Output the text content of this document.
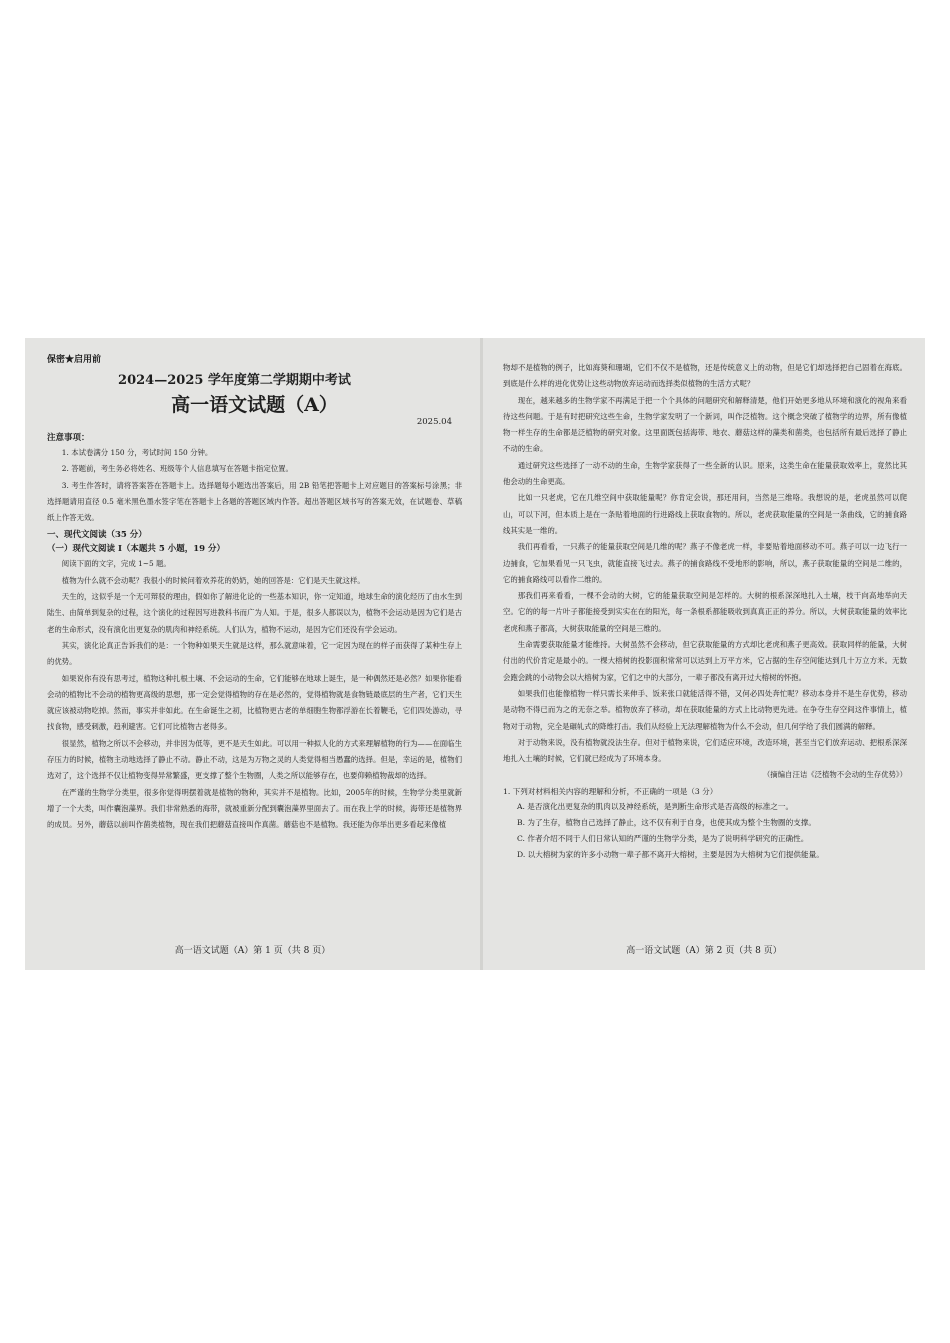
保密★启用前
2024—2025 学年度第二学期期中考试
高一语文试题（A）
2025.04
注意事项：

1. 本试卷满分 150 分，考试时间 150 分钟。

2. 答题前，考生务必将姓名、班级等个人信息填写在答题卡指定位置。

3. 考生作答时，请将答案答在答题卡上。选择题每小题选出答案后，用 2B 铅笔把答题卡上对应题目的答案标号涂黑；非选择题请用直径 0.5 毫米黑色墨水签字笔在答题卡上各题的答题区域内作答。超出答题区域书写的答案无效，在试题卷、草稿纸上作答无效。

一、现代文阅读（35 分）
（一）现代文阅读 I（本题共 5 小题，19 分）

阅读下面的文字，完成 1~5 题。

植物为什么就不会动呢？我很小的时候问着欢养花的奶奶，她的回答是：它们是天生就这样。

天生的，这似乎是一个无可辩驳的理由，假如你了解进化论的一些基本知识，你一定知道，地球生命的演化经历了由水生到陆生、由简单到复杂的过程，这个演化的过程因写进教科书而广为人知。于是，很多人都误以为，植物不会运动是因为它们是古老的生命形式，没有演化出更复杂的肌肉和神经系统。人们认为，植物不运动，是因为它们还没有学会运动。

其实，演化论真正告诉我们的是：一个物种如果天生就是这样，那么就意味着，它一定因为现在的样子而获得了某种生存上的优势。

如果说你有没有思考过，植物这种扎根土壤、不会运动的生命，它们能够在地球上诞生，是一种偶然还是必然？如果你能看会动的植物比不会动的植物更高级的思想，那一定会觉得植物的存在是必然的，觉得植物就是食物链最底层的生产者，它们天生就应该被动物吃掉。然而，事实并非如此。在生命诞生之初，比植物更古老的单细胞生物都浮游在长着鞭毛，它们四处游动，寻找食物，感受刺激，趋利避害。它们可比植物古老得多。

很显然，植物之所以不会移动，并非因为低等，更不是天生如此。可以用一种拟人化的方式来理解植物的行为——在面临生存压力的时候，植物主动地选择了静止不动。静止不动，这是为万物之灵的人类觉得相当愚蠢的选择。但是，幸运的是，植物们选对了，这个选择不仅让植物变得异常繁盛，更支撑了整个生物圈，人类之所以能够存在，也要仰赖植物裁却的选择。

在严谨的生物学分类里，很多你觉得明摆着就是植物的物种，其实并不是植物。比如，2005年的时候，生物学分类里就新增了一个大类，叫作囊泡藻界。我们非常熟悉的海带，就被重新分配到囊泡藻界里面去了。而在我上学的时候，海带还是植物界的成员。另外，蘑菇以前叫作菌类植物，现在我们把蘑菇直接叫作真菌。蘑菇也不是植物。我还能为你举出更多看起来像植

高一语文试题（A）第 1 页（共 8 页）

物却不是植物的例子，比如海葵和珊瑚，它们不仅不是植物，还是传统意义上的动物，但是它们却选择把自己固着在海底。到底是什么样的进化优势让这些动物放弃运动而选择类似植物的生活方式呢？

现在，越来越多的生物学家不再满足于把一个个具体的问题研究和解释清楚，他们开始更多地从环境和演化的视角来看待这些问题。于是有时把研究这些生命，生物学家发明了一个新词，叫作泛植物。这个概念突破了植物学的边界，所有像植物一样生存的生命都是泛植物的研究对象。这里面既包括海带、地衣、蘑菇这样的藻类和菌类，也包括所有最后选择了静止不动的生命。

通过研究这些选择了一动不动的生命，生物学家获得了一些全新的认识。原来，这类生命在能量获取效率上，竟然比其他会动的生命更高。

比如一只老虎，它在几维空间中获取能量呢？你肯定会说，那还用问，当然是三维咯。我想说的是，老虎虽然可以爬山，可以下河，但本质上是在一条贴着地面的行进路线上获取食物的。所以，老虎获取能量的空间是一条曲线，它的捕食路线其实是一维的。

我们再看看，一只燕子的能量获取空间是几维的呢？燕子不像老虎一样，非要贴着地面移动不可。燕子可以一边飞行一边捕食，它加果看见一只飞虫，就能直接飞过去。燕子的捕食路线不受地形的影响，所以，燕子获取能量的空间是二维的，它的捕食路线可以看作二维的。

那我们再来看看，一棵不会动的大树，它的能量获取空间是怎样的。大树的根系深深地扎入土壤，枝干向高地举向天空。它的的每一片叶子都能接受到实实在在的阳光，每一条根系都能吸收到真真正正的养分。所以，大树获取能量的效率比老虎和燕子都高，大树获取能量的空间是三维的。

生命需要获取能量才能维持。大树虽然不会移动，但它获取能量的方式却比老虎和燕子更高效。获取同样的能量，大树付出的代价肯定是最小的。一棵大榕树的投影面积常常可以达到上万平方米，它占据的生存空间能达到几十万立方米。无数会跑会跳的小动物会以大榕树为家，它们之中的大部分，一辈子都没有离开过大榕树的怀抱。

如果我们也能像植物一样只需长来伸手、饭来张口就能活得不错，又何必四处奔忙呢？移动本身并不是生存优势，移动是动物不得已而为之的无奈之举。植物放弃了移动，却在获取能量的方式上比动物更先进。在争夺生存空间这件事情上，植物对于动物，完全是碾轧式的降维打击。我们从经验上无法理解植物为什么不会动，但几何学给了我们圆满的解释。

对于动物来说，没有植物就没法生存。但对于植物来说，它们适应环境，改造环境，甚至当它们放弃运动、把根系深深地扎入土壤的时候，它们就已经成为了环境本身。

（摘编自汪诘《泛植物不会动的生存优势》）

1. 下列对材料相关内容的理解和分析，不正确的一项是（3 分）

A. 是否演化出更复杂的肌肉以及神经系统，是判断生命形式是否高级的标准之一。

B. 为了生存，植物自己选择了静止，这不仅有利于自身，也使其成为整个生物圈的支撑。

C. 作者介绍不同于人们日常认知的严谨的生物学分类，是为了说明科学研究的正确性。

D. 以大榕树为家的许多小动物一辈子都不离开大榕树，主要是因为大榕树为它们提供能量。

高一语文试题（A）第 2 页（共 8 页）
